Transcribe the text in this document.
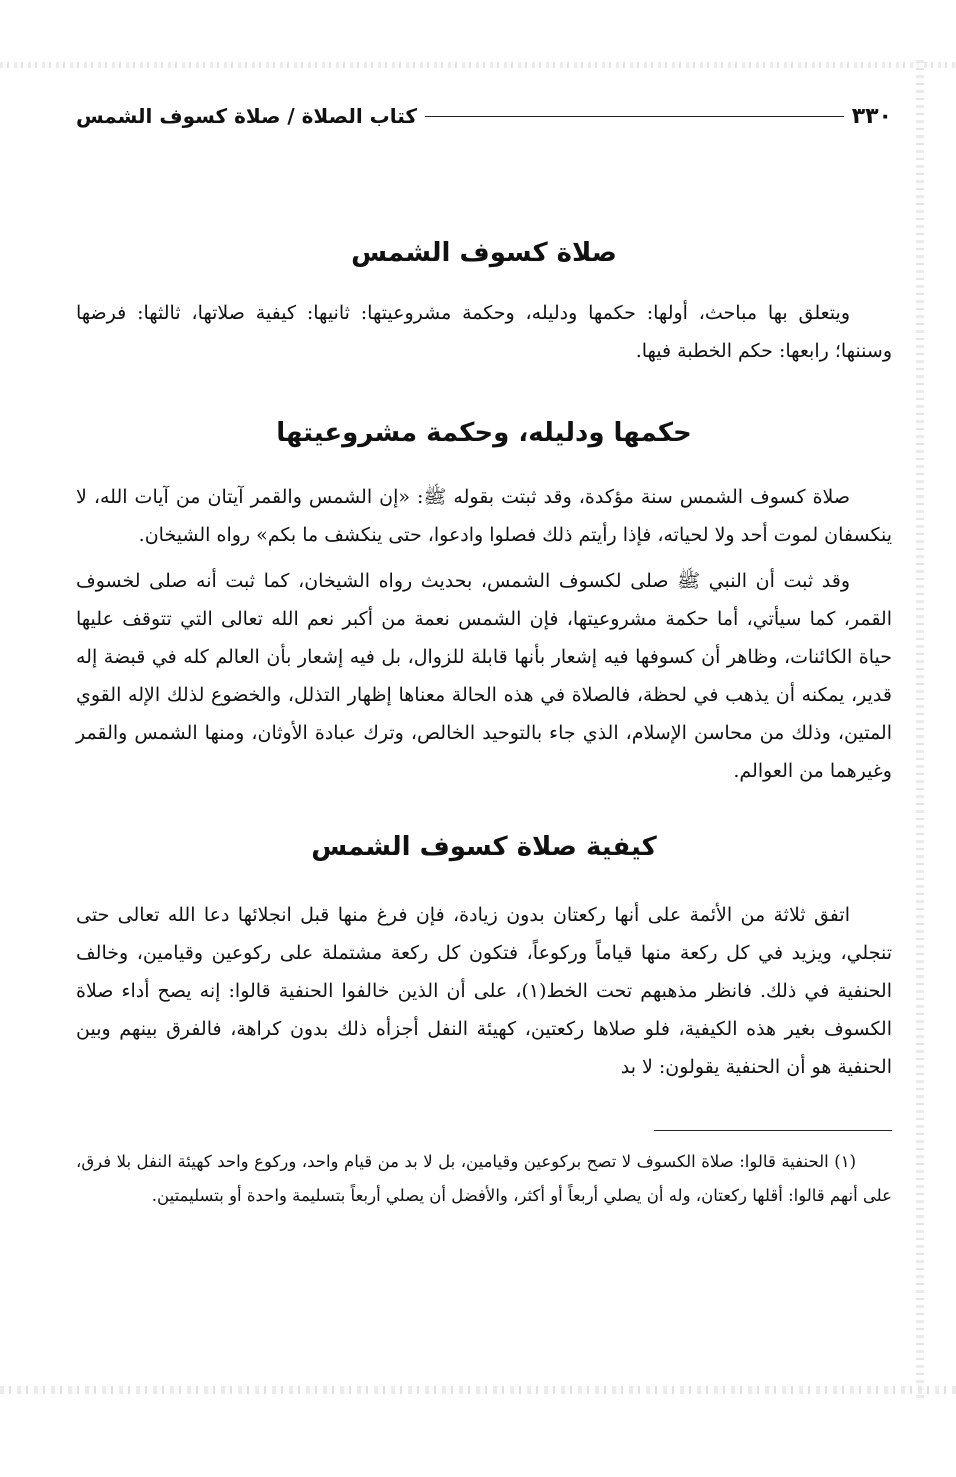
٣٣٠
كتاب الصلاة / صلاة كسوف الشمس
صلاة كسوف الشمس

ويتعلق بها مباحث، أولها: حكمها ودليله، وحكمة مشروعيتها: ثانيها: كيفية صلاتها، ثالثها: فرضها وسننها؛ رابعها: حكم الخطبة فيها.

حكمها ودليله، وحكمة مشروعيتها

صلاة كسوف الشمس سنة مؤكدة، وقد ثبتت بقوله ﷺ: «إن الشمس والقمر آيتان من آيات الله، لا ينكسفان لموت أحد ولا لحياته، فإذا رأيتم ذلك فصلوا وادعوا، حتى ينكشف ما بكم» رواه الشيخان.

وقد ثبت أن النبي ﷺ صلى لكسوف الشمس، بحديث رواه الشيخان، كما ثبت أنه صلى لخسوف القمر، كما سيأتي، أما حكمة مشروعيتها، فإن الشمس نعمة من أكبر نعم الله تعالى التي تتوقف عليها حياة الكائنات، وظاهر أن كسوفها فيه إشعار بأنها قابلة للزوال، بل فيه إشعار بأن العالم كله في قبضة إله قدير، يمكنه أن يذهب في لحظة، فالصلاة في هذه الحالة معناها إظهار التذلل، والخضوع لذلك الإله القوي المتين، وذلك من محاسن الإسلام، الذي جاء بالتوحيد الخالص، وترك عبادة الأوثان، ومنها الشمس والقمر وغيرهما من العوالم.

كيفية صلاة كسوف الشمس

اتفق ثلاثة من الأئمة على أنها ركعتان بدون زيادة، فإن فرغ منها قبل انجلائها دعا الله تعالى حتى تنجلي، ويزيد في كل ركعة منها قياماً وركوعاً، فتكون كل ركعة مشتملة على ركوعين وقيامين، وخالف الحنفية في ذلك. فانظر مذهبهم تحت الخط(١)، على أن الذين خالفوا الحنفية قالوا: إنه يصح أداء صلاة الكسوف بغير هذه الكيفية، فلو صلاها ركعتين، كهيئة النفل أجزأه ذلك بدون كراهة، فالفرق بينهم وبين الحنفية هو أن الحنفية يقولون: لا بد

(١) الحنفية قالوا: صلاة الكسوف لا تصح بركوعين وقيامين، بل لا بد من قيام واحد، وركوع واحد كهيئة النفل بلا فرق، على أنهم قالوا: أقلها ركعتان، وله أن يصلي أربعاً أو أكثر، والأفضل أن يصلي أربعاً بتسليمة واحدة أو بتسليمتين.
